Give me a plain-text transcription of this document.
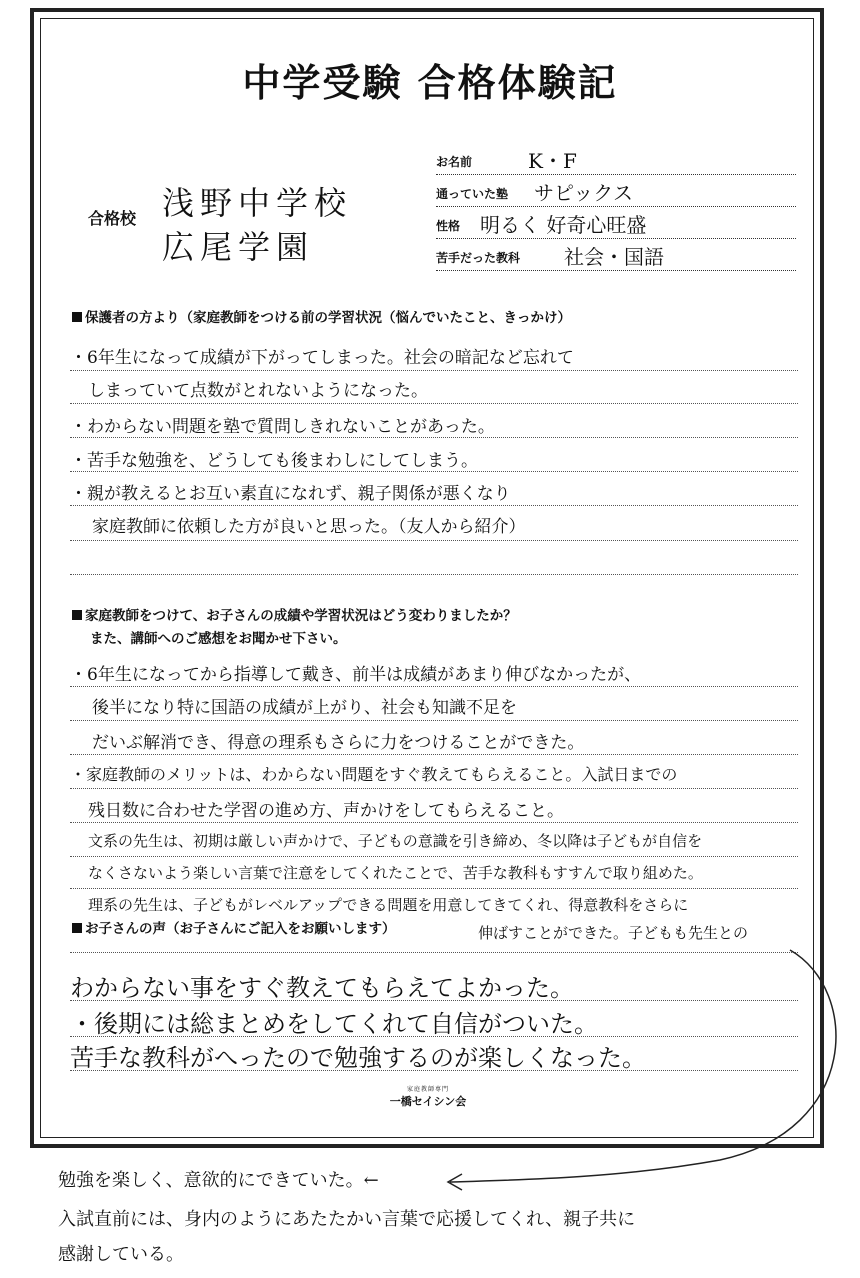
中学受験 合格体験記
合格校 浅野中学校
広尾学園
お名前	K・F
通っていた塾 サピックス
性格 明るく 好奇心旺盛
苦手だった教科 社会・国語
保護者の方より（家庭教師をつける前の学習状況（悩んでいたこと、きっかけ）
・6年生になって成績が下がってしまった。社会の暗記など忘れて
しまっていて点数がとれないようになった。
・わからない問題を塾で質問しきれないことがあった。
・苦手な勉強を、どうしても後まわしにしてしまう。
・親が教えるとお互い素直になれず、親子関係が悪くなり
家庭教師に依頼した方が良いと思った。（友人から紹介）
家庭教師をつけて、お子さんの成績や学習状況はどう変わりましたか？
また、講師へのご感想をお聞かせ下さい。
・6年生になってから指導して戴き、前半は成績があまり伸びなかったが、
後半になり特に国語の成績が上がり、社会も知識不足を
だいぶ解消でき、得意の理系もさらに力をつけることができた。
・家庭教師のメリットは、わからない問題をすぐ教えてもらえること。入試日までの
残日数に合わせた学習の進め方、声かけをしてもらえること。
文系の先生は、初期は厳しい声かけで、子どもの意識を引き締め、冬以降は子どもが自信を
なくさないよう楽しい言葉で注意をしてくれたことで、苦手な教科もすすんで取り組めた。
理系の先生は、子どもがレベルアップできる問題を用意してきてくれ、得意教科をさらに
伸ばすことができた。子どもも先生との
お子さんの声（お子さんにご記入をお願いします）
わからない事をすぐ教えてもらえてよかった。
・後期には総まとめをしてくれて自信がついた。
苦手な教科がへったので勉強するのが楽しくなった。
家庭教師専門
一橋セイシン会
勉強を楽しく、意欲的にできていた。←
入試直前には、身内のようにあたたかい言葉で応援してくれ、親子共に
感謝している。
